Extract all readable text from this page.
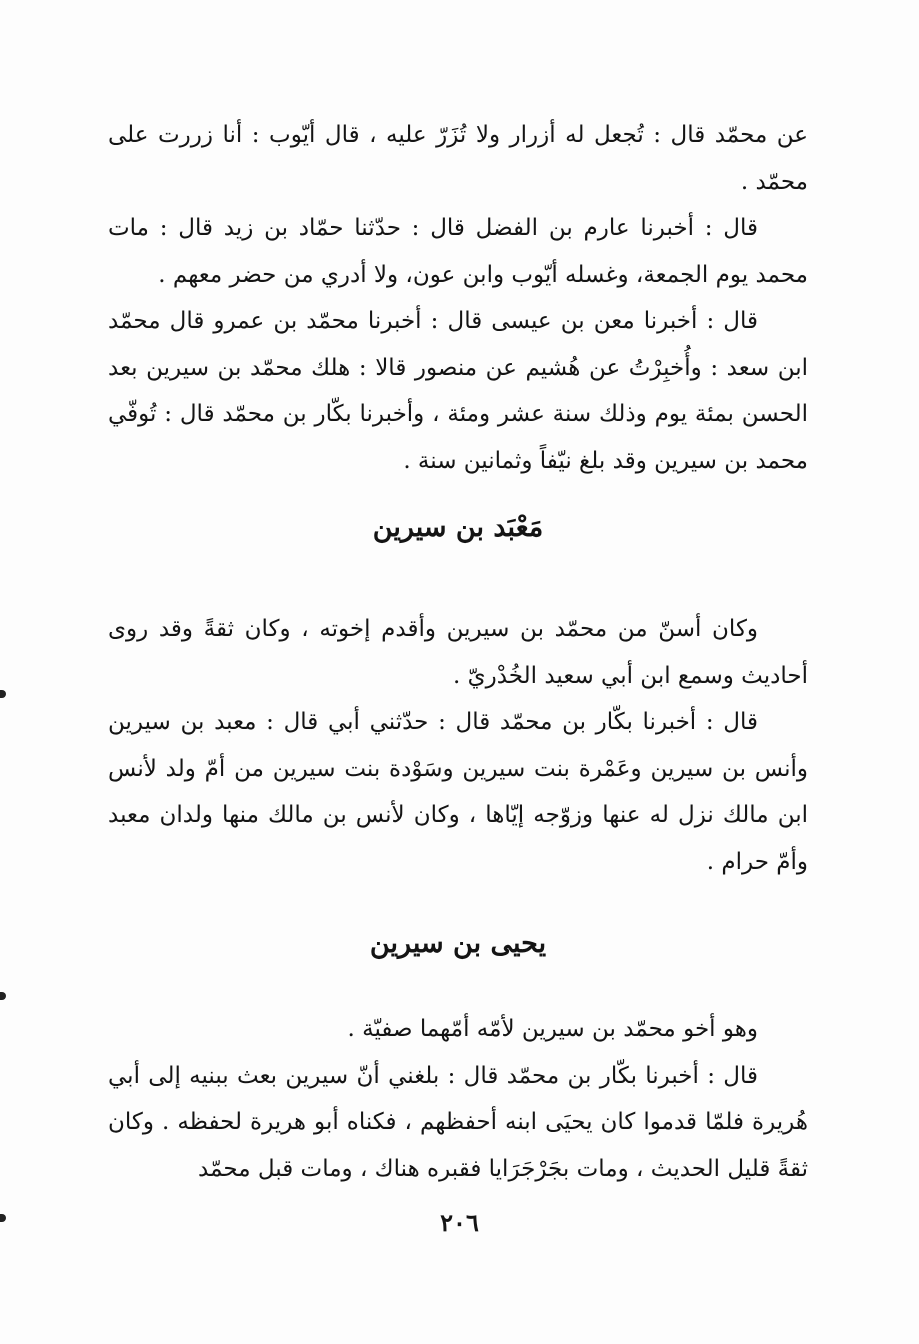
عن محمّد قال : تُجعل له أزرار ولا تُزَرّ عليه ، قال أيّوب : أنا زررت على محمّد .

قال : أخبرنا عارم بن الفضل قال : حدّثنا حمّاد بن زيد قال : مات محمد يوم الجمعة، وغسله أيّوب وابن عون، ولا أدري من حضر معهم .

قال : أخبرنا معن بن عيسى قال : أخبرنا محمّد بن عمرو قال محمّد ابن سعد : وأُخبِرْتُ عن هُشيم عن منصور قالا : هلك محمّد بن سيرين بعد الحسن بمئة يوم وذلك سنة عشر ومئة ، وأخبرنا بكّار بن محمّد قال : تُوفّي محمد بن سيرين وقد بلغ نيّفاً وثمانين سنة .

مَعْبَد بن سيرين

وكان أسنّ من محمّد بن سيرين وأقدم إخوته ، وكان ثقةً وقد روى أحاديث وسمع ابن أبي سعيد الخُدْريّ .

قال : أخبرنا بكّار بن محمّد قال : حدّثني أبي قال : معبد بن سيرين وأنس بن سيرين وعَمْرة بنت سيرين وسَوْدة بنت سيرين من أمّ ولد لأنس ابن مالك نزل له عنها وزوّجه إيّاها ، وكان لأنس بن مالك منها ولدان معبد وأمّ حرام .

يحيى بن سيرين

وهو أخو محمّد بن سيرين لأمّه أمّهما صفيّة .

قال : أخبرنا بكّار بن محمّد قال : بلغني أنّ سيرين بعث ببنيه إلى أبي هُريرة فلمّا قدموا كان يحيَى ابنه أحفظهم ، فكناه أبو هريرة لحفظه . وكان ثقةً قليل الحديث ، ومات بجَرْجَرَايا فقبره هناك ، ومات قبل محمّد

٢٠٦
